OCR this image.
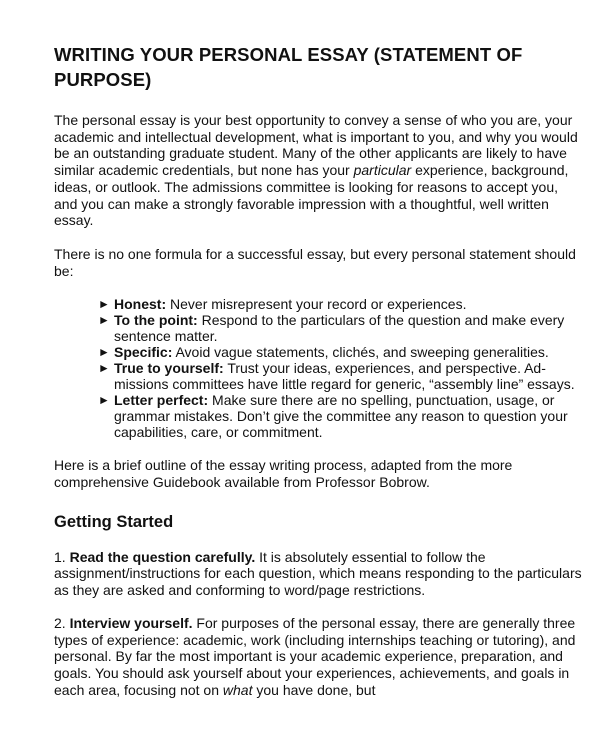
WRITING YOUR PERSONAL ESSAY (STATEMENT OF PURPOSE)

The personal essay is your best opportunity to convey a sense of who you are, your academic and intellectual development, what is important to you, and why you would be an outstanding graduate student. Many of the other applicants are likely to have similar academic credentials, but none has your particular experience, background, ideas, or outlook. The admissions committee is looking for reasons to accept you, and you can make a strongly favorable impression with a thoughtful, well written essay.

There is no one formula for a successful essay, but every personal statement should be:

► Honest: Never misrepresent your record or experiences.
► To the point: Respond to the particulars of the question and make every sentence matter.
► Specific: Avoid vague statements, clichés, and sweeping generalities.
► True to yourself: Trust your ideas, experiences, and perspective. Ad-missions committees have little regard for generic, “assembly line” essays.
► Letter perfect: Make sure there are no spelling, punctuation, usage, or grammar mistakes. Don’t give the committee any reason to question your capabilities, care, or commitment.

Here is a brief outline of the essay writing process, adapted from the more comprehensive Guidebook available from Professor Bobrow.

Getting Started

1. Read the question carefully. It is absolutely essential to follow the assignment/instructions for each question, which means responding to the particulars as they are asked and conforming to word/page restrictions.

2. Interview yourself. For purposes of the personal essay, there are generally three types of experience: academic, work (including internships teaching or tutoring), and personal. By far the most important is your academic experience, preparation, and goals. You should ask yourself about your experiences, achievements, and goals in each area, focusing not on what you have done, but
